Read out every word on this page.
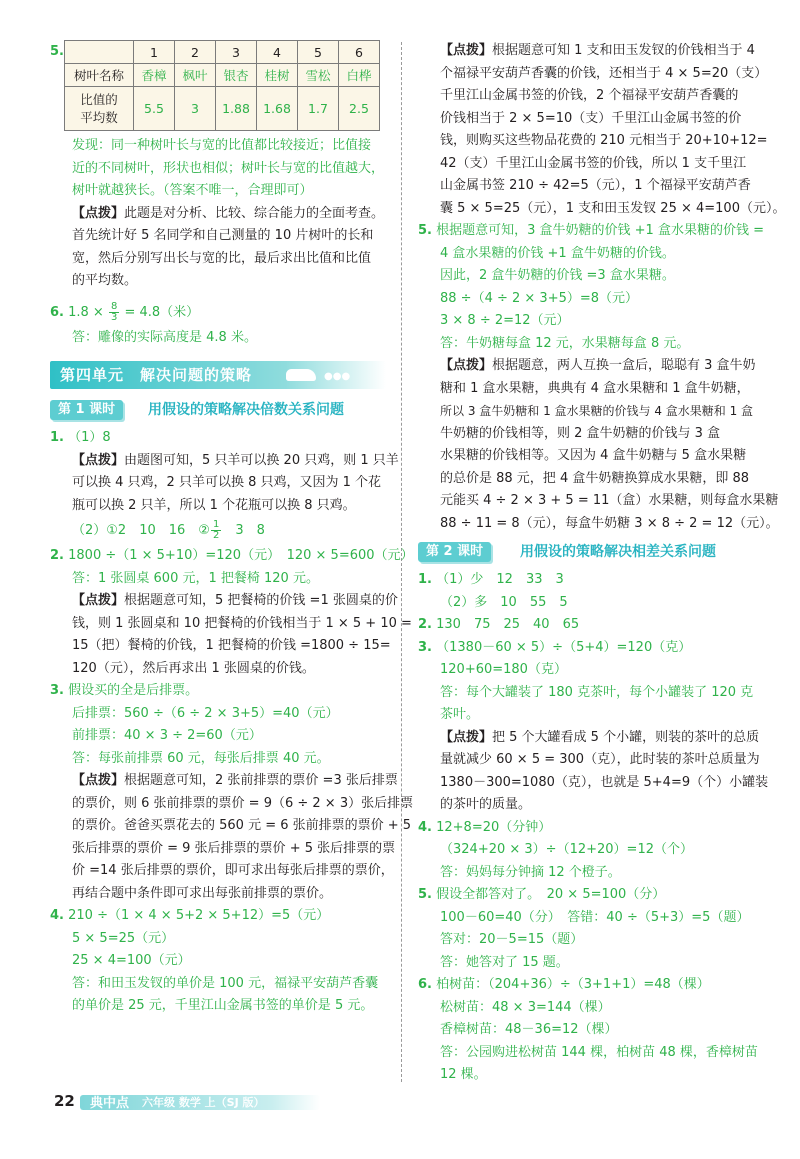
5.
		1	2	3	4	5	6
树叶名称	香樟	枫叶	银杏	桂树	雪松	白桦
比值的
平均数	5.5	3	1.88	1.68	1.7	2.5
发现：同一种树叶长与宽的比值都比较接近；比值接
近的不同树叶，形状也相似；树叶长与宽的比值越大，
树叶就越狭长。（答案不唯一，合理即可）
【点拨】此题是对分析、比较、综合能力的全面考查。
首先统计好 5 名同学和自己测量的 10 片树叶的长和
宽，然后分别写出长与宽的比，最后求出比值和比值
的平均数。
6. $1.8 \times \frac{8}{3} = 4.8$（米）
答：雕像的实际高度是 4.8 米。
第四单元　解决问题的策略	●●●
第 1 课时	用假设的策略解决倍数关系问题
1. （1）8
【点拨】由题图可知，5 只羊可以换 20 只鸡，则 1 只羊
可以换 4 只鸡，2 只羊可以换 8 只鸡，又因为 1 个花
瓶可以换 2 只羊，所以 1 个花瓶可以换 8 只鸡。
（2）①2　10　16　② $\frac{1}{2}$ 　3　8
2. 1800 ÷（1 × 5+10）=120（元）　120 × 5=600（元）
答：1 张圆桌 600 元，1 把餐椅 120 元。
【点拨】根据题意可知，5 把餐椅的价钱 =1 张圆桌的价
钱，则 1 张圆桌和 10 把餐椅的价钱相当于 1 × 5 + 10 =
15（把）餐椅的价钱，1 把餐椅的价钱 =1800 ÷ 15=
120（元），然后再求出 1 张圆桌的价钱。
3. 假设买的全是后排票。
后排票：560 ÷（6 ÷ 2 × 3+5）=40（元）
前排票：40 × 3 ÷ 2=60（元）
答：每张前排票 60 元，每张后排票 40 元。
【点拨】根据题意可知，2 张前排票的票价 =3 张后排票
的票价，则 6 张前排票的票价 = 9（6 ÷ 2 × 3）张后排票
的票价。爸爸买票花去的 560 元 = 6 张前排票的票价 + 5
张后排票的票价 = 9 张后排票的票价 + 5 张后排票的票
价 =14 张后排票的票价，即可求出每张后排票的票价，
再结合题中条件即可求出每张前排票的票价。
4. 210 ÷（1 × 4 × 5+2 × 5+12）=5（元）
5 × 5=25（元）
25 × 4=100（元）
答：和田玉发钗的单价是 100 元，福禄平安葫芦香囊
的单价是 25 元，千里江山金属书签的单价是 5 元。
【点拨】根据题意可知 1 支和田玉发钗的价钱相当于 4
个福禄平安葫芦香囊的价钱，还相当于 4 × 5=20（支）
千里江山金属书签的价钱，2 个福禄平安葫芦香囊的
价钱相当于 2 × 5=10（支）千里江山金属书签的价
钱，则购买这些物品花费的 210 元相当于 20+10+12=
42（支）千里江山金属书签的价钱，所以 1 支千里江
山金属书签 210 ÷ 42=5（元），1 个福禄平安葫芦香
囊 5 × 5=25（元），1 支和田玉发钗 25 × 4=100（元）。
5. 根据题意可知，3 盒牛奶糖的价钱 +1 盒水果糖的价钱 =
4 盒水果糖的价钱 +1 盒牛奶糖的价钱。
因此，2 盒牛奶糖的价钱 =3 盒水果糖。
88 ÷（4 ÷ 2 × 3+5）=8（元）
3 × 8 ÷ 2=12（元）
答：牛奶糖每盒 12 元，水果糖每盒 8 元。
【点拨】根据题意，两人互换一盒后，聪聪有 3 盒牛奶
糖和 1 盒水果糖，典典有 4 盒水果糖和 1 盒牛奶糖，
所以 3 盒牛奶糖和 1 盒水果糖的价钱与 4 盒水果糖和 1 盒
牛奶糖的价钱相等，则 2 盒牛奶糖的价钱与 3 盒
水果糖的价钱相等。又因为 4 盒牛奶糖与 5 盒水果糖
的总价是 88 元，把 4 盒牛奶糖换算成水果糖，即 88
元能买 4 ÷ 2 × 3 + 5 = 11（盒）水果糖，则每盒水果糖
88 ÷ 11 = 8（元），每盒牛奶糖 3 × 8 ÷ 2 = 12（元）。
第 2 课时	用假设的策略解决相差关系问题
1. （1）少　12　33　3
（2）多　10　55　5
2. 130　75　25　40　65
3. （1380－60 × 5）÷（5+4）=120（克）
120+60=180（克）
答：每个大罐装了 180 克茶叶，每个小罐装了 120 克
茶叶。
【点拨】把 5 个大罐看成 5 个小罐，则装的茶叶的总质
量就减少 60 × 5 = 300（克），此时装的茶叶总质量为
1380－300=1080（克），也就是 5+4=9（个）小罐装
的茶叶的质量。
4. 12+8=20（分钟）
（324+20 × 3）÷（12+20）=12（个）
答：妈妈每分钟摘 12 个橙子。
5. 假设全都答对了。　20 × 5=100（分）
100－60=40（分）　答错：40 ÷（5+3）=5（题）
答对：20－5=15（题）
答：她答对了 15 题。
6. 柏树苗：（204+36）÷（3+1+1）=48（棵）
松树苗：48 × 3=144（棵）
香樟树苗：48－36=12（棵）
答：公园购进松树苗 144 棵，柏树苗 48 棵，香樟树苗
12 棵。
22 典中点 六年级 数学 上（SJ 版）
